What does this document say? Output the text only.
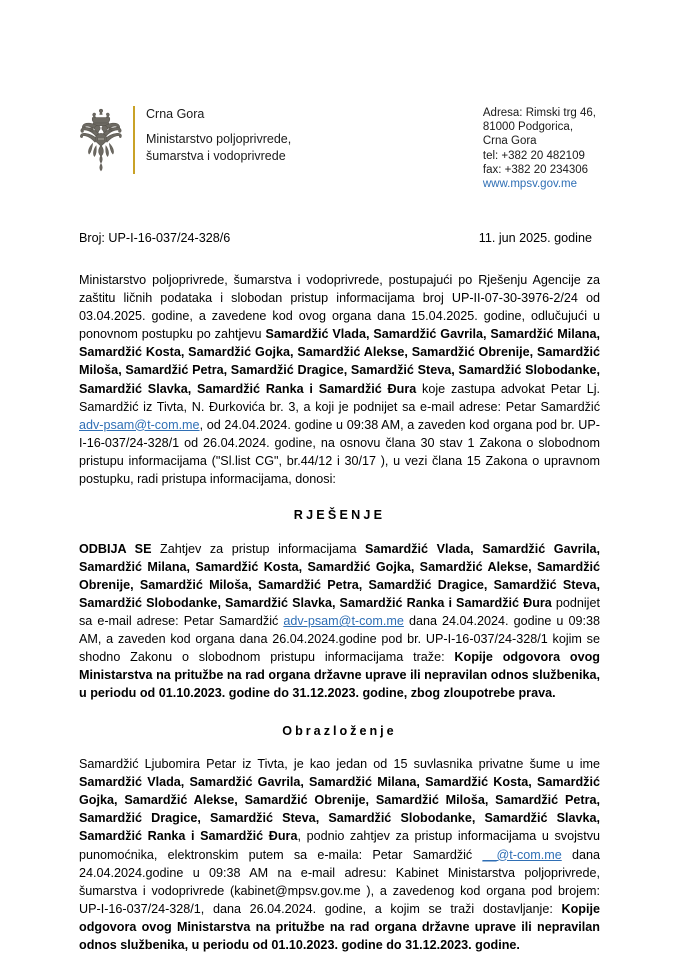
Crna Gora
Ministarstvo poljoprivrede,
šumarstva i vodoprivrede
Adresa: Rimski trg 46,
81000 Podgorica,
Crna Gora
tel: +382 20 482109
fax: +382 20 234306
www.mpsv.gov.me
Broj: UP-I-16-037/24-328/6	11. jun 2025. godine

Ministarstvo poljoprivrede, šumarstva i vodoprivrede, postupajući po Rješenju Agencije za zaštitu ličnih podataka i slobodan pristup informacijama broj UP-II-07-30-3976-2/24 od 03.04.2025. godine, a zavedene kod ovog organa dana 15.04.2025. godine, odlučujući u ponovnom postupku po zahtjevu Samardžić Vlada, Samardžić Gavrila, Samardžić Milana, Samardžić Kosta, Samardžić Gojka, Samardžić Alekse, Samardžić Obrenije, Samardžić Miloša, Samardžić Petra, Samardžić Dragice, Samardžić Steva, Samardžić Slobodanke, Samardžić Slavka, Samardžić Ranka i Samardžić Đura koje zastupa advokat Petar Lj. Samardžić iz Tivta, N. Đurkovića br. 3, a koji je podnijet sa e-mail adrese: Petar Samardžić adv-psam@t-com.me, od 24.04.2024. godine u 09:38 AM, a zaveden kod organa pod br. UP-I-16-037/24-328/1 od 26.04.2024. godine, na osnovu člana 30 stav 1 Zakona o slobodnom pristupu informacijama ("Sl.list CG", br.44/12 i 30/17 ), u vezi člana 15 Zakona o upravnom postupku, radi pristupa informacijama, donosi:

RJEŠENJE

ODBIJA SE Zahtjev za pristup informacijama Samardžić Vlada, Samardžić Gavrila, Samardžić Milana, Samardžić Kosta, Samardžić Gojka, Samardžić Alekse, Samardžić Obrenije, Samardžić Miloša, Samardžić Petra, Samardžić Dragice, Samardžić Steva, Samardžić Slobodanke, Samardžić Slavka, Samardžić Ranka i Samardžić Đura podnijet sa e-mail adrese: Petar Samardžić adv-psam@t-com.me dana 24.04.2024. godine u 09:38 AM, a zaveden kod organa dana 26.04.2024.godine pod br. UP-I-16-037/24-328/1 kojim se shodno Zakonu o slobodnom pristupu informacijama traže: Kopije odgovora ovog Ministarstva na pritužbe na rad organa državne uprave ili nepravilan odnos službenika, u periodu od 01.10.2023. godine do 31.12.2023. godine, zbog zloupotrebe prava.

Obrazloženje

Samardžić Ljubomira Petar iz Tivta, je kao jedan od 15 suvlasnika privatne šume u ime Samardžić Vlada, Samardžić Gavrila, Samardžić Milana, Samardžić Kosta, Samardžić Gojka, Samardžić Alekse, Samardžić Obrenije, Samardžić Miloša, Samardžić Petra, Samardžić Dragice, Samardžić Steva, Samardžić Slobodanke, Samardžić Slavka, Samardžić Ranka i Samardžić Đura, podnio zahtjev za pristup informacijama u svojstvu punomoćnika, elektronskim putem sa e-maila: Petar Samardžić __@t-com.me dana 24.04.2024.godine u 09:38 AM na e-mail adresu: Kabinet Ministarstva poljoprivrede, šumarstva i vodoprivrede (kabinet@mpsv.gov.me ), a zavedenog kod organa pod brojem: UP-I-16-037/24-328/1, dana 26.04.2024. godine, a kojim se traži dostavljanje: Kopije odgovora ovog Ministarstva na pritužbe na rad organa državne uprave ili nepravilan odnos službenika, u periodu od 01.10.2023. godine do 31.12.2023. godine.
